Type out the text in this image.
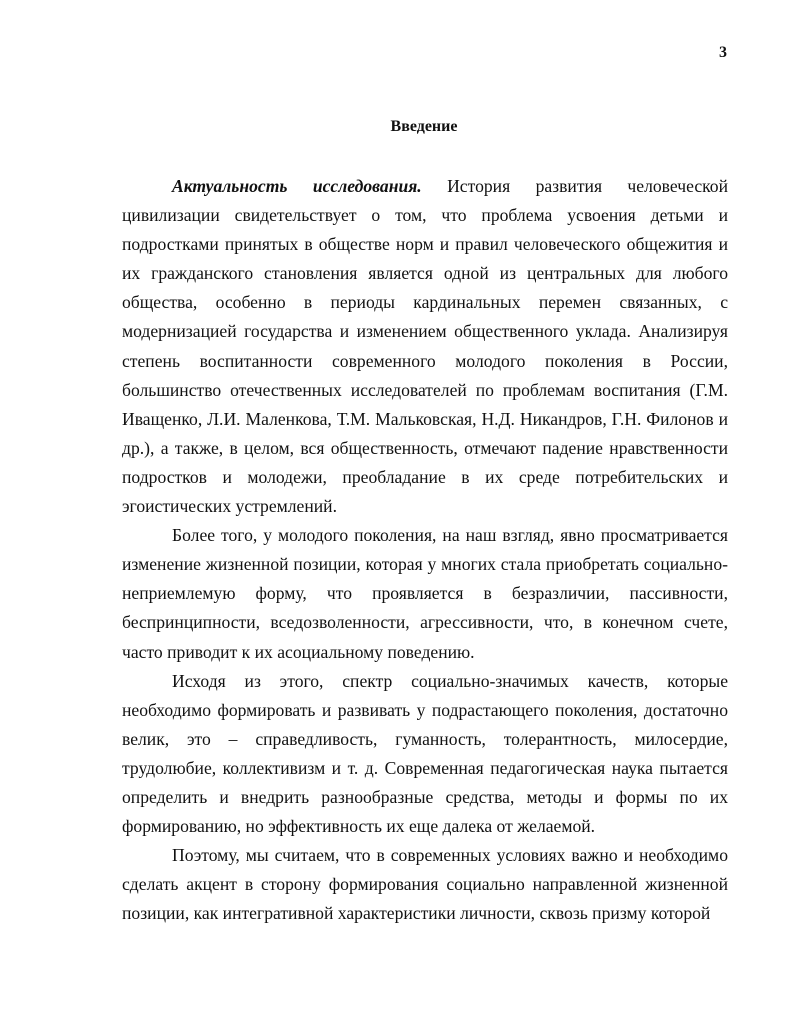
3
Введение

Актуальность исследования. История развития человеческой цивилизации свидетельствует о том, что проблема усвоения детьми и подростками принятых в обществе норм и правил человеческого общежития и их гражданского становления является одной из центральных для любого общества, особенно в периоды кардинальных перемен связанных, с модернизацией государства и изменением общественного уклада. Анализируя степень воспитанности современного молодого поколения в России, большинство отечественных исследователей по проблемам воспитания (Г.М. Иващенко, Л.И. Маленкова, Т.М. Мальковская, Н.Д. Никандров, Г.Н. Филонов и др.), а также, в целом, вся общественность, отмечают падение нравственности подростков и молодежи, преобладание в их среде потребительских и эгоистических устремлений.

Более того, у молодого поколения, на наш взгляд, явно просматривается изменение жизненной позиции, которая у многих стала приобретать социально-неприемлемую форму, что проявляется в безразличии, пассивности, беспринципности, вседозволенности, агрессивности, что, в конечном счете, часто приводит к их асоциальному поведению.

Исходя из этого, спектр социально-значимых качеств, которые необходимо формировать и развивать у подрастающего поколения, достаточно велик, это – справедливость, гуманность, толерантность, милосердие, трудолюбие, коллективизм и т. д. Современная педагогическая наука пытается определить и внедрить разнообразные средства, методы и формы по их формированию, но эффективность их еще далека от желаемой.

Поэтому, мы считаем, что в современных условиях важно и необходимо сделать акцент в сторону формирования социально направленной жизненной позиции, как интегративной характеристики личности, сквозь призму которой
